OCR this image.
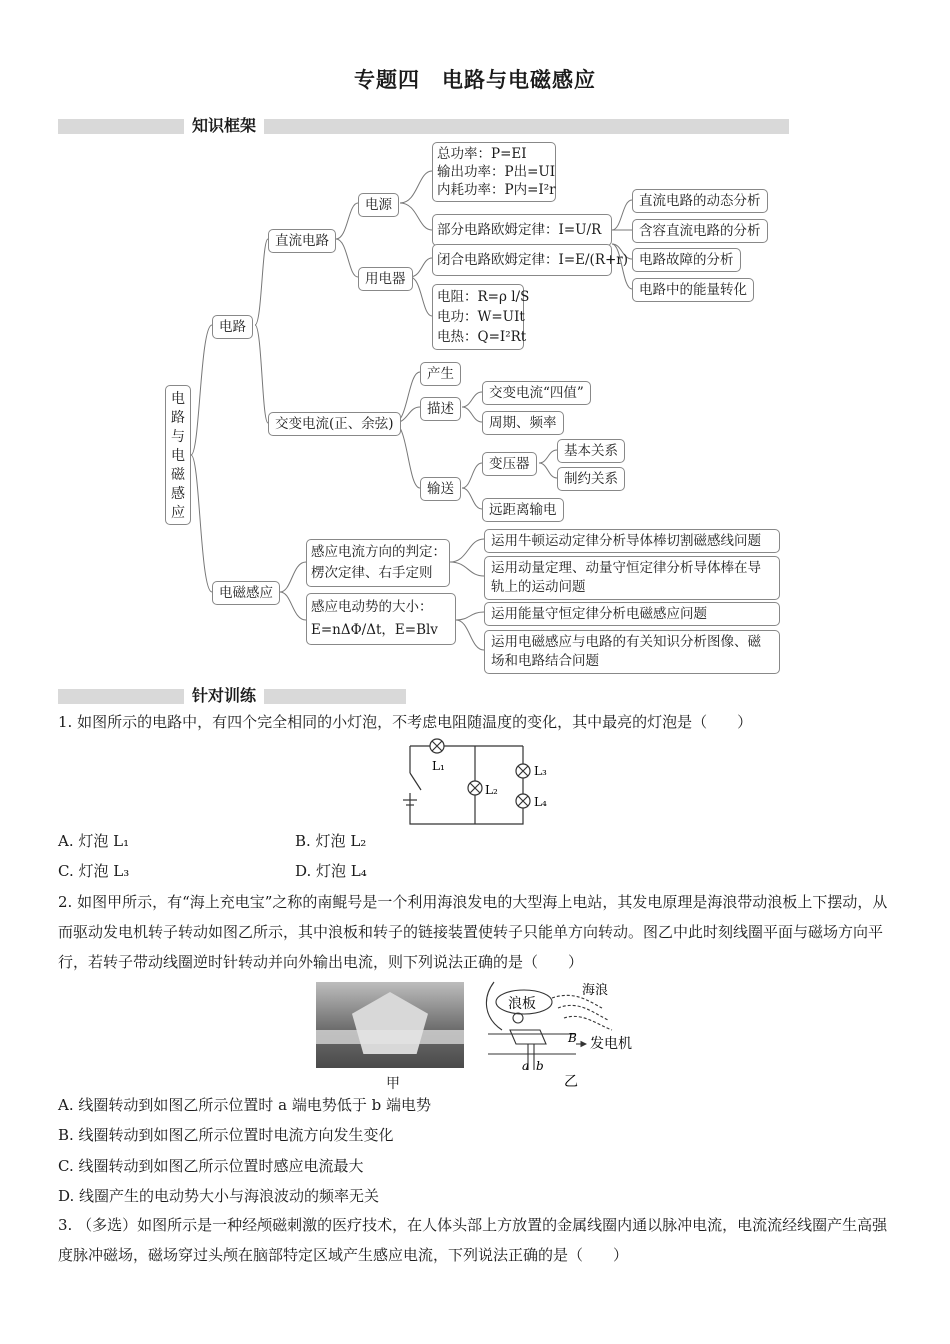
专题四　电路与电磁感应
知识框架
电路与电磁感应
电路
直流电路
电源
用电器
总功率：P=EI
输出功率：P出=UI
内耗功率：P内=I²r
部分电路欧姆定律：I=U/R
闭合电路欧姆定律：I=E/(R+r)
电阻：R=ρ l/S
电功：W=UIt
电热：Q=I²Rt
直流电路的动态分析
含容直流电路的分析
电路故障的分析
电路中的能量转化
交变电流(正、余弦)
产生
描述
输送
交变电流“四值”
周期、频率
变压器
远距离输电
基本关系
制约关系
电磁感应
感应电流方向的判定：
楞次定律、右手定则
感应电动势的大小：
E=nΔΦ/Δt，E=Blv
运用牛顿运动定律分析导体棒切割磁感线问题
运用动量定理、动量守恒定律分析导体棒在导轨上的运动问题
运用能量守恒定律分析电磁感应问题
运用电磁感应与电路的有关知识分析图像、磁场和电路结合问题
针对训练
1. 如图所示的电路中，有四个完全相同的小灯泡，不考虑电阻随温度的变化，其中最亮的灯泡是（　　）
L₁
L₂
L₃
L₄
A. 灯泡 L₁	B. 灯泡 L₂
C. 灯泡 L₃	D. 灯泡 L₄
2. 如图甲所示，有“海上充电宝”之称的南鲲号是一个利用海浪发电的大型海上电站，其发电原理是海浪带动浪板上下摆动，从而驱动发电机转子转动如图乙所示，其中浪板和转子的链接装置使转子只能单方向转动。图乙中此时刻线圈平面与磁场方向平行，若转子带动线圈逆时针转动并向外输出电流，则下列说法正确的是（　　）
甲
浪板
海浪
B 发电机
a b
乙
A. 线圈转动到如图乙所示位置时 a 端电势低于 b 端电势
B. 线圈转动到如图乙所示位置时电流方向发生变化
C. 线圈转动到如图乙所示位置时感应电流最大
D. 线圈产生的电动势大小与海浪波动的频率无关
3. （多选）如图所示是一种经颅磁刺激的医疗技术，在人体头部上方放置的金属线圈内通以脉冲电流，电流流经线圈产生高强度脉冲磁场，磁场穿过头颅在脑部特定区域产生感应电流，下列说法正确的是（　　）
